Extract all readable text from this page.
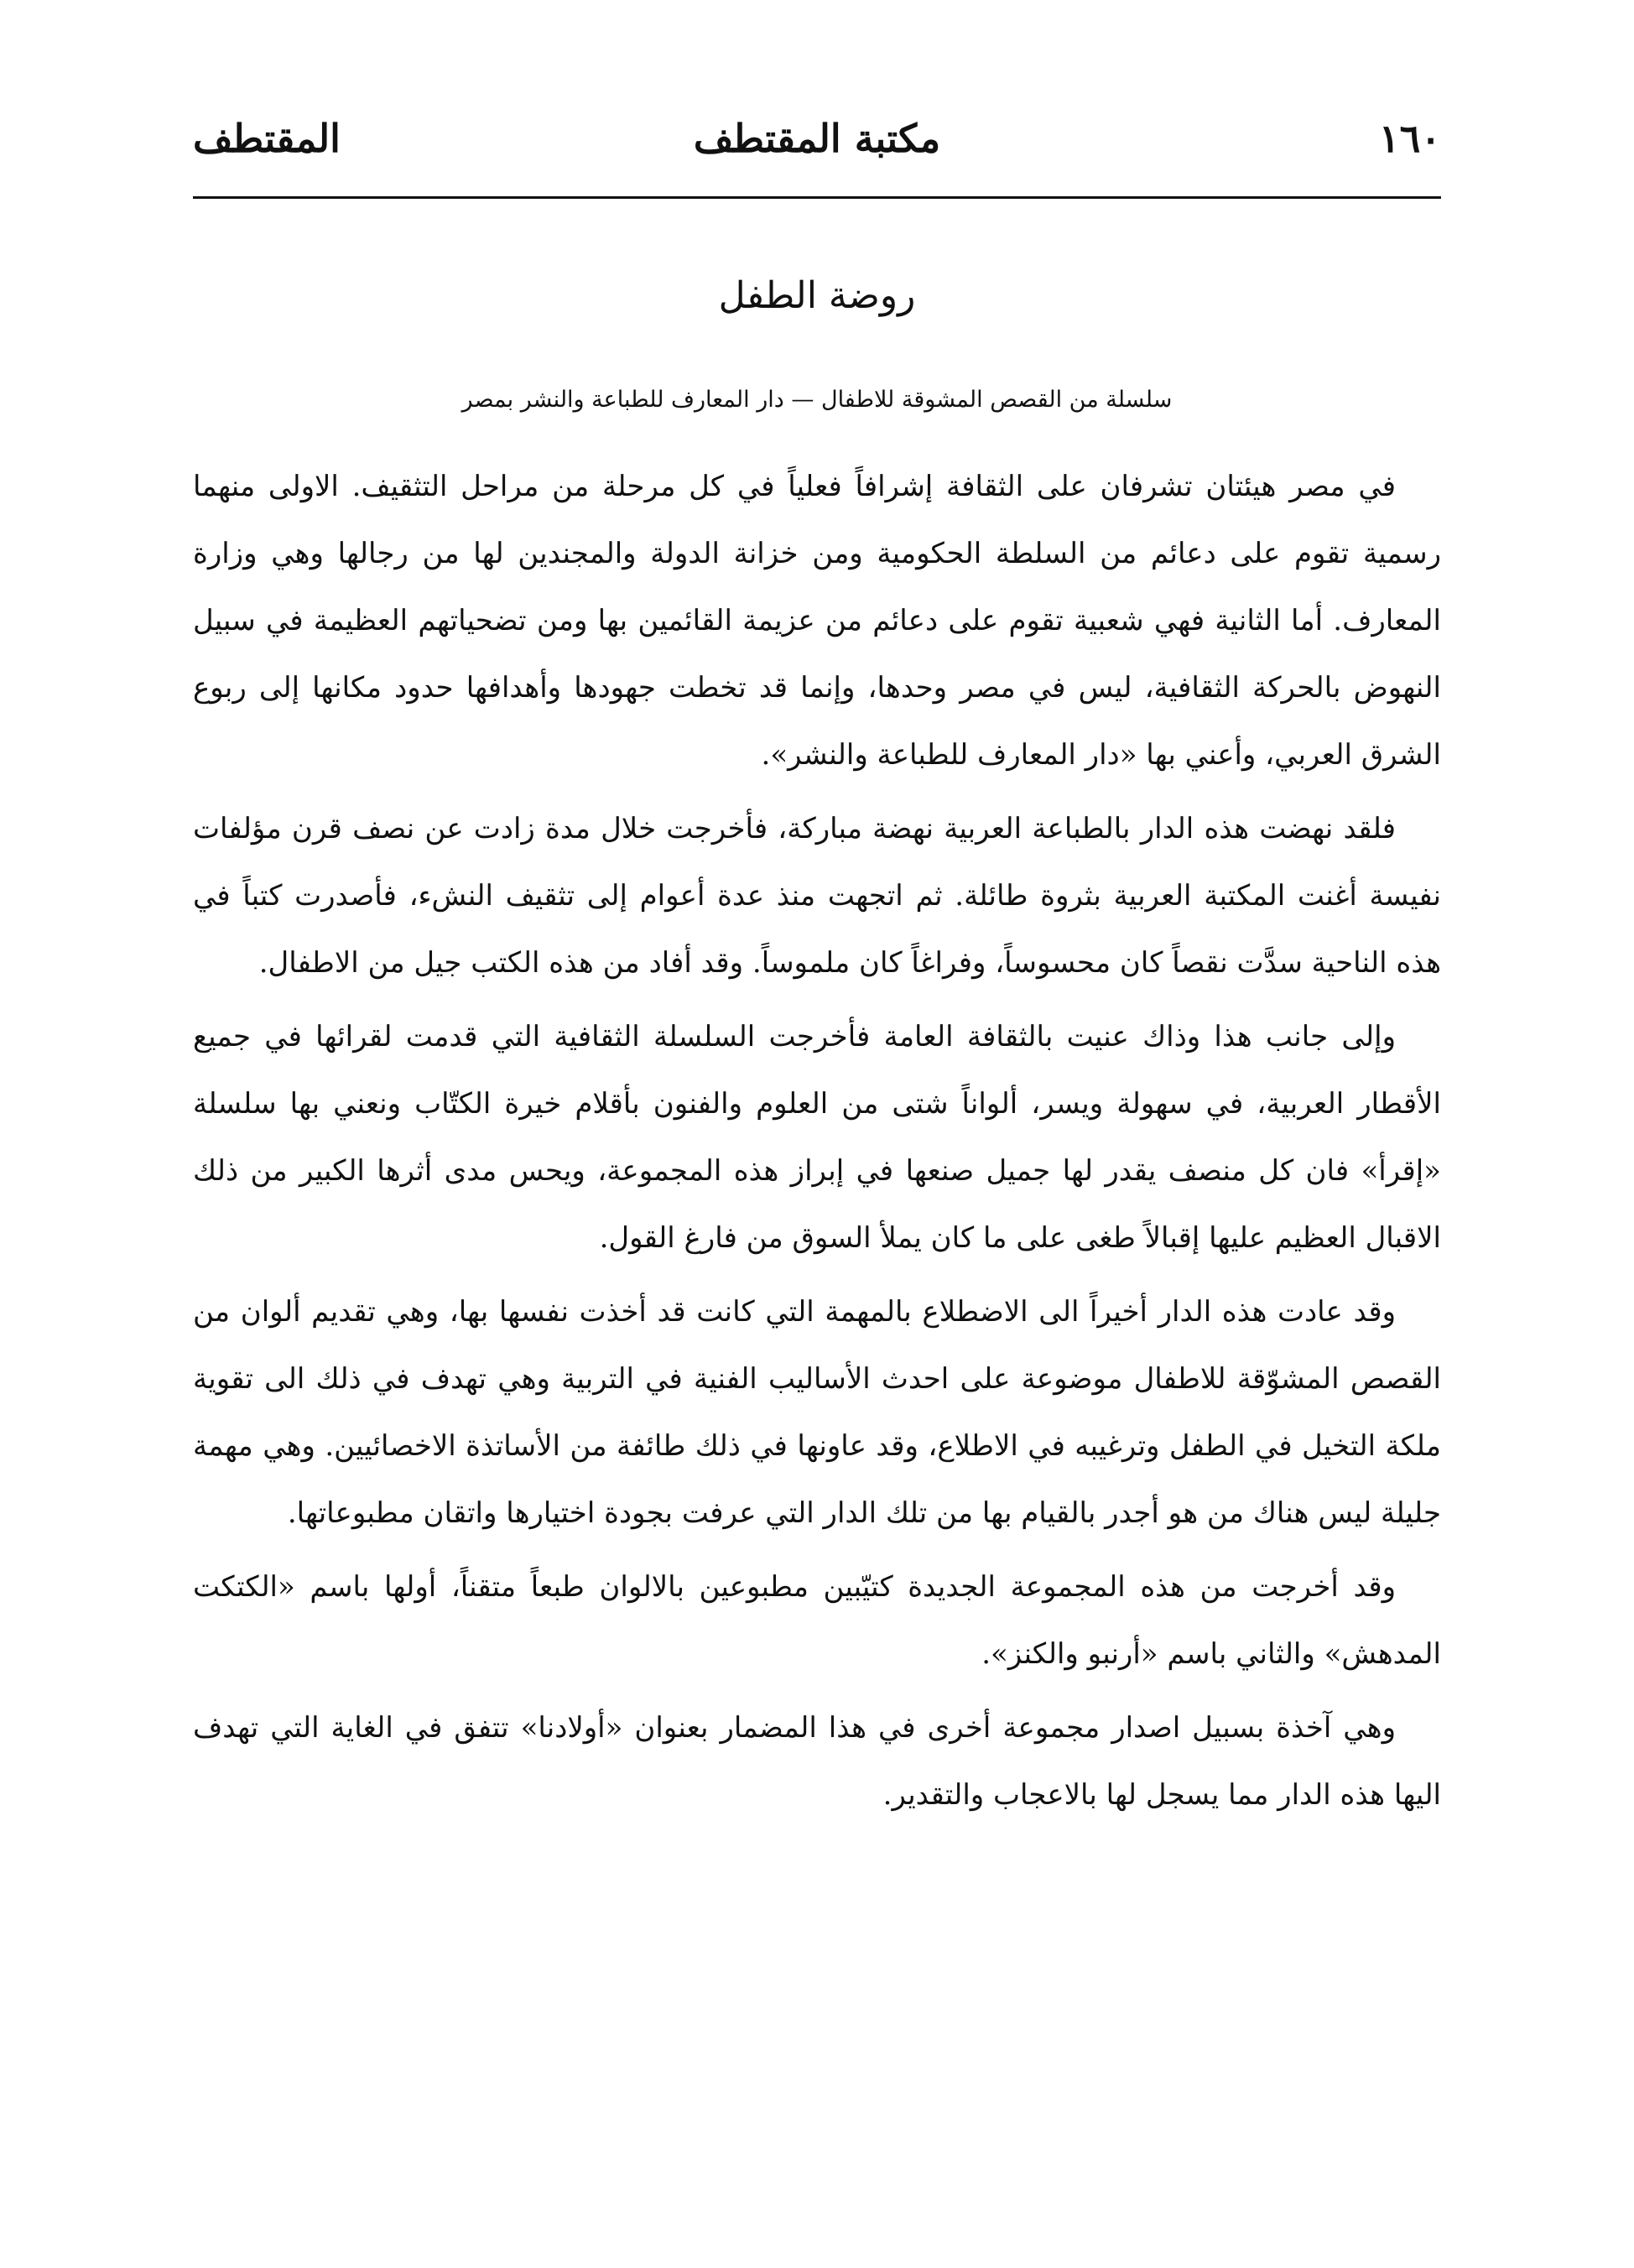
١٦٠
مكتبة المقتطف
المقتطف
روضة الطفل
سلسلة من القصص المشوقة للاطفال — دار المعارف للطباعة والنشر بمصر

في مصر هيئتان تشرفان على الثقافة إشرافاً فعلياً في كل مرحلة من مراحل التثقيف. الاولى منهما رسمية تقوم على دعائم من السلطة الحكومية ومن خزانة الدولة والمجندين لها من رجالها وهي وزارة المعارف. أما الثانية فهي شعبية تقوم على دعائم من عزيمة القائمين بها ومن تضحياتهم العظيمة في سبيل النهوض بالحركة الثقافية، ليس في مصر وحدها، وإنما قد تخطت جهودها وأهدافها حدود مكانها إلى ربوع الشرق العربي، وأعني بها «دار المعارف للطباعة والنشر».

فلقد نهضت هذه الدار بالطباعة العربية نهضة مباركة، فأخرجت خلال مدة زادت عن نصف قرن مؤلفات نفيسة أغنت المكتبة العربية بثروة طائلة. ثم اتجهت منذ عدة أعوام إلى تثقيف النشء، فأصدرت كتباً في هذه الناحية سدَّت نقصاً كان محسوساً، وفراغاً كان ملموساً. وقد أفاد من هذه الكتب جيل من الاطفال.

وإلى جانب هذا وذاك عنيت بالثقافة العامة فأخرجت السلسلة الثقافية التي قدمت لقرائها في جميع الأقطار العربية، في سهولة ويسر، ألواناً شتى من العلوم والفنون بأقلام خيرة الكتّاب ونعني بها سلسلة «إقرأ» فان كل منصف يقدر لها جميل صنعها في إبراز هذه المجموعة، ويحس مدى أثرها الكبير من ذلك الاقبال العظيم عليها إقبالاً طغى على ما كان يملأ السوق من فارغ القول.

وقد عادت هذه الدار أخيراً الى الاضطلاع بالمهمة التي كانت قد أخذت نفسها بها، وهي تقديم ألوان من القصص المشوّقة للاطفال موضوعة على احدث الأساليب الفنية في التربية وهي تهدف في ذلك الى تقوية ملكة التخيل في الطفل وترغيبه في الاطلاع، وقد عاونها في ذلك طائفة من الأساتذة الاخصائيين. وهي مهمة جليلة ليس هناك من هو أجدر بالقيام بها من تلك الدار التي عرفت بجودة اختيارها واتقان مطبوعاتها.

وقد أخرجت من هذه المجموعة الجديدة كتيّبين مطبوعين بالالوان طبعاً متقناً، أولها باسم «الكتكت المدهش» والثاني باسم «أرنبو والكنز».

وهي آخذة بسبيل اصدار مجموعة أخرى في هذا المضمار بعنوان «أولادنا» تتفق في الغاية التي تهدف اليها هذه الدار مما يسجل لها بالاعجاب والتقدير.
